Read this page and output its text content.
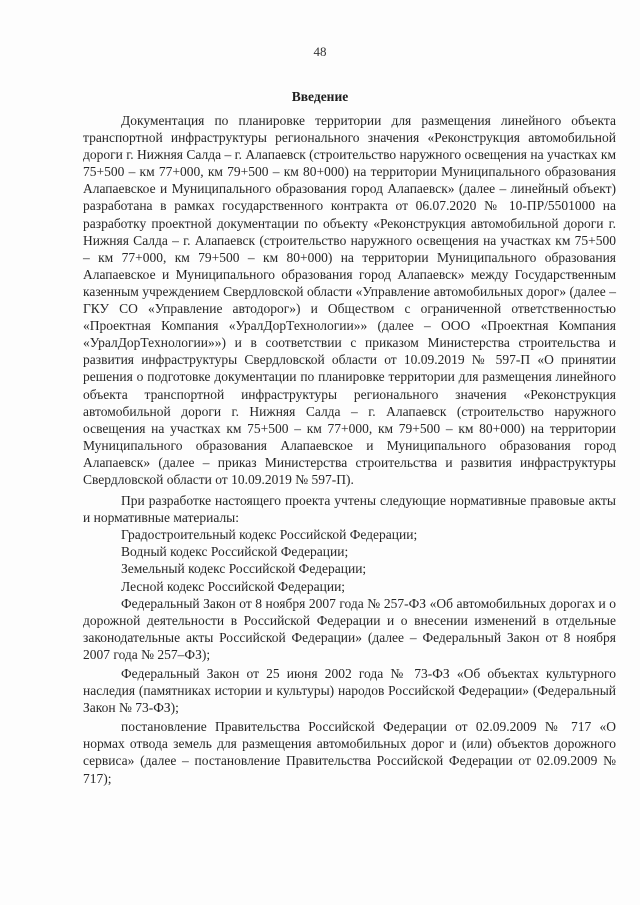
48
Введение

Документация по планировке территории для размещения линейного объекта транспортной инфраструктуры регионального значения «Реконструкция автомобильной дороги г. Нижняя Салда – г. Алапаевск (строительство наружного освещения на участках км 75+500 – км 77+000, км 79+500 – км 80+000) на территории Муниципального образования Алапаевское и Муниципального образования город Алапаевск» (далее – линейный объект) разработана в рамках государственного контракта от 06.07.2020 № 10-ПР/5501000 на разработку проектной документации по объекту «Реконструкция автомобильной дороги г. Нижняя Салда – г. Алапаевск (строительство наружного освещения на участках км 75+500 – км 77+000, км 79+500 – км 80+000) на территории Муниципального образования Алапаевское и Муниципального образования город Алапаевск» между Государственным казенным учреждением Свердловской области «Управление автомобильных дорог» (далее – ГКУ СО «Управление автодорог») и Обществом с ограниченной ответственностью «Проектная Компания «УралДорТехнологии»» (далее – ООО «Проектная Компания «УралДорТехнологии»») и в соответствии с приказом Министерства строительства и развития инфраструктуры Свердловской области от 10.09.2019 № 597-П «О принятии решения о подготовке документации по планировке территории для размещения линейного объекта транспортной инфраструктуры регионального значения «Реконструкция автомобильной дороги г. Нижняя Салда – г. Алапаевск (строительство наружного освещения на участках км 75+500 – км 77+000, км 79+500 – км 80+000) на территории Муниципального образования Алапаевское и Муниципального образования город Алапаевск» (далее – приказ Министерства строительства и развития инфраструктуры Свердловской области от 10.09.2019 № 597-П).

При разработке настоящего проекта учтены следующие нормативные правовые акты и нормативные материалы:

Градостроительный кодекс Российской Федерации;

Водный кодекс Российской Федерации;

Земельный кодекс Российской Федерации;

Лесной кодекс Российской Федерации;

Федеральный Закон от 8 ноября 2007 года № 257-ФЗ «Об автомобильных дорогах и о дорожной деятельности в Российской Федерации и о внесении изменений в отдельные законодательные акты Российской Федерации» (далее – Федеральный Закон от 8 ноября 2007 года № 257–ФЗ);

Федеральный Закон от 25 июня 2002 года № 73-ФЗ «Об объектах культурного наследия (памятниках истории и культуры) народов Российской Федерации» (Федеральный Закон № 73-ФЗ);

постановление Правительства Российской Федерации от 02.09.2009 № 717 «О нормах отвода земель для размещения автомобильных дорог и (или) объектов дорожного сервиса» (далее – постановление Правительства Российской Федерации от 02.09.2009 № 717);
